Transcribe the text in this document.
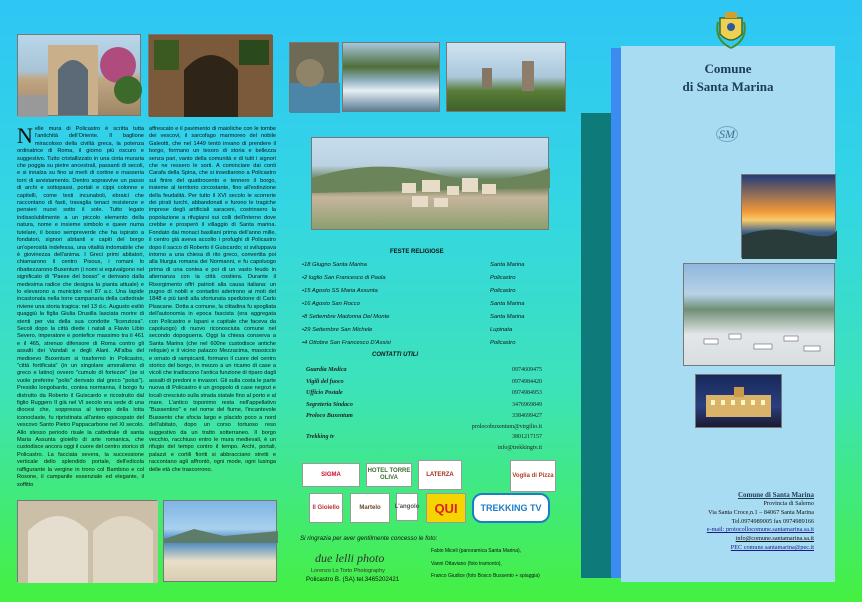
Nelle mura di Policastro è scritta tutta l'antichità dell'Oriente. Il baglione miracoloso della civiltà greca, la potenza ordinatrice di Roma, il giorno più oscuro e suggestivo. Tutto cristallizzato in una cinta muraria che poggia su pietre ancestrali, passanti di secoli, e si innalza su fino ai merli di cortine e masseria torri di avvistamento. Dentro sopravvive un passo di archi e sottopassi, portali e cippi colonne e capitelli, come testi incunaboli, ebraici che raccontano di fasti, travaglia tenaci resistenze e pensieri nuovi sotto il sole. Tutto legato indissolubilmente a un piccolo elemento della natura, nome e insieme simbolo e queer numa tutelare, il bosso sempreverde che ha ispirato a fondatori, signori abitanti e capiti del borgo un'operosità indefessa, una vitalità indomabile che è giovinezza dell'anima. I Greci primi abitatori, chiamarono il centro Pixous, i romani lo ribattezzarono Buxentum (i nomi si equivalgono nel significato di "Paese del bosso" e derivano dalla medesima radice che designa la pianta attuale) e lo elevarono a municipio nel 87 a.c. Una lapide incastonata nella torre campanaria della cattedrale riviene una storia tragica: nel 13 d.c. Augusto esiliò quaggiù la figlia Giulia Drusilla lasciata morire di stenti per via della sua condotte "licenziosa". Secoli dopo la città diede i natali a Flavio Libio Severo, imperatore e pontefice massimo tra il 461 e il 465, strenuo difensore di Roma contro gli assalti dei Vandali e degli Alani. All'alba del medioevo Buxentum si trasformò in Policastro, "città fortificata" (in un singolare amoralismo di greco e latino) ovvero "cumulo di fortezze" (se si vuole preferire "polis" derivato dal greco "polus"). Presidio longobardo, contea normanna, il borgo fu distrutto da Roberto il Guiscardo e ricostruito dal figlio Ruggero II già nel VI secolo era sede di una diocesi che, soppressa al tempo della lotta iconoclaste, fu ripristinata all'anteo episcopato del vescovo Santo Pietro Pappacarbone nel XI secolo. Allo stesso periodo risale la cattedrale di santa Maria Assunta gioiello di arte romanica, che custodisce ancora oggi il cuore del centro storico di Policastro. La facciata severa, la successione verticale dello splendido portale, dell'edicola raffigurante la vergine in trono col Bambino e col Rosone, il campanile essenziale ed elegante, il soffitto
affrescato e il pavimento di maioliche con le tombe dei vescovi, il sarcofago marmoreo del nobile Galeotti, che nel 1449 tentò invano di prendere il borgo, formano un tesoro di storia e bellezza senza pari, vanto della comunità e di tutti i signori che ne ressero le sorti. A cominciare dai conti Carafa della Spina, che si insediarono a Policastro sul finire del quattrocento e tennero il borgo, insieme al territorio circostante, fino all'estinzione della feudalità. Per tutto il XVI secolo le scorrerie dei pirati turchi, abbandonati e furono le tragiche imprese degli artificiali saraceni, costrinsero la popolazione a rifugiarsi sui colli dell'interno dove crebbe e prosperò il villaggio di Santa marina. Fondato dai monaci basiliani prima dell'anno mille, il centro già aveva accolto i profughi di Policastro dopo il sacco di Roberto il Guiscardo; si sviluppava intorno a una chiesa di rito greco, convertita poi alla liturgia romana dei Normanni, e fu capoluogo prima di una contea e poi di un vasto feudo in alternanza con la città costiera. Durante il Risorgimento offrì patrioti alla causa italiana: un pugno di nobili e contadini aderirono ai moti del 1848 e più tardi alla sfortunata spedizione di Carlo Pisacane. Dotta a comune, la cittadina fu spogliata dell'autonomia in epoca fascista (era aggregata con Policastro e Ispani e capitale che faceva da capoluogo) di nuovo riconosciuta comune nel secondo dopoguerra. Oggi la chiesa conserva a Santa Marina (che nel 600ne custodisce antiche reliquie) e il vicino palazzo Mezzacima, massiccio e ornato di rampicanti, formano il cuore del centro storico del borgo, in mezzo a un ricamo di case a vicoli che tradiscono l'antica funzione di riparo dagli assalti di predoni e invasori. Gli sulla costa le parte nuova di Policastro è un groppolo di case negozi e locali cresciuto sulla strada statale fino al porto e al mare. L'antico toponimo resta nell'appellativo "Bussentino" e nel nome del fiume, l'incantevole Bussento che sfocia largo e placido poco a nord dell'abitato, dopo un corso tortuoso reso suggestivo da un tratto sotterraneo. Il borgo vecchio, racchiuso entro le mura medievali, è un rifugio del tempo contro il tempo. Archi, portali, palazzi e cortili fioriti si abbracciano stretti e raccontano agli affrontò, ogni mode, ogni lusinga delle età che trascorrono.
FESTE RELIGIOSE
•18 Giugno Santa Marina	Santa Marina
•2 luglio San Francesco di Paola	Policastro
•15 Agosto SS Maria Assunta	Policastro
•16 Agosto San Rocco	Santa Marina
•8 Settembre Madonna Del Monte	Santa Marina
•29 Settembre San Michele	Lupinata
•4 Ottobre San Francesco D'Assisi	Policastro
CONTATTI UTILI
Guardia Medica	0974609475
Vigili del fuoco	0974984420
Ufficio Postale	0974984953
Segreteria Sindaco	3476969849
Proloco Buxentum	3384699427
prolocobuxentum@virgilio.it
Trekking tv	3801217157
info@trekkingtv.it
SIGMA
HOTEL TORRE OLIVA
LATERZA	Voglia di Pizza
Il Gioiello	Martelo	L'angolo	QUI	TREKKING TV
Si ringrazia per aver gentilmente concesso le foto:
due lelli photo
Lorenzo Lo Torto Photography
Policastro B. (SA) tel.3465202421
Fabio Miceli (panoramica Santa Marina),
Vanni Ottaviano (foto tramonto),
Franco Giudice (foto Bosco Bussento + spiaggia)
Comune
di Santa Marina
SM
Comune di Santa Marina
Provincia di Salerno
Via Santa Croce,n.1 – 84067 Santa Marina
Tel.0974989005 fax 0974989166
e-mail: protocollocomune.santamarina.sa.it
info@comune.santamarina.sa.it
PEC comune.santamarina@pec.it
